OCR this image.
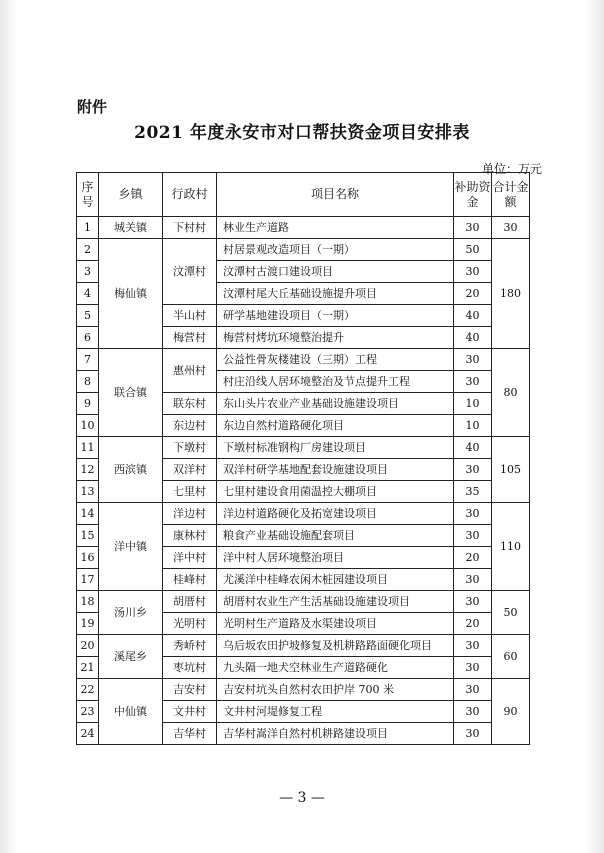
附件
2021 年度永安市对口帮扶资金项目安排表
单位：万元
序号	乡镇	行政村	项目名称	补助资金	合计金额
1	城关镇	下村村	林业生产道路	30	30
2	梅仙镇	汶潭村	村居景观改造项目（一期）	50	180
3			汶潭村古渡口建设项目	30	
4			汶潭村尾大丘基础设施提升项目	20	
5		半山村	研学基地建设项目（一期）	40	
6		梅营村	梅营村烤坑环境整治提升	40	
7	联合镇	惠州村	公益性骨灰楼建设（三期）工程	30	80
8			村庄沿线人居环境整治及节点提升工程	30	
9		联东村	东山头片农业产业基础设施建设项目	10	
10		东边村	东边自然村道路硬化项目	10	
11	西滨镇	下墩村	下墩村标准钢构厂房建设项目	40	105
12		双洋村	双洋村研学基地配套设施建设项目	30	
13		七里村	七里村建设食用菌温控大棚项目	35	
14	洋中镇	洋边村	洋边村道路硬化及拓宽建设项目	30	110
15		康林村	粮食产业基础设施配套项目	30	
16		洋中村	洋中村人居环境整治项目	20	
17		桂峰村	尤溪洋中桂峰农闲木桩园建设项目	30	
18	汤川乡	胡厝村	胡厝村农业生产生活基础设施建设项目	30	50
19		光明村	光明村生产道路及水渠建设项目	20	
20	溪尾乡	秀峤村	乌后坂农田护坡修复及机耕路路面硬化项目	30	60
21		枣坑村	九头隔一地犬空林业生产道路硬化	30	
22	中仙镇	吉安村	吉安村坑头自然村农田护岸 700 米	30	90
23		文井村	文井村河堤修复工程	30	
24		吉华村	吉华村嵩洋自然村机耕路建设项目	30	
— 3 —
